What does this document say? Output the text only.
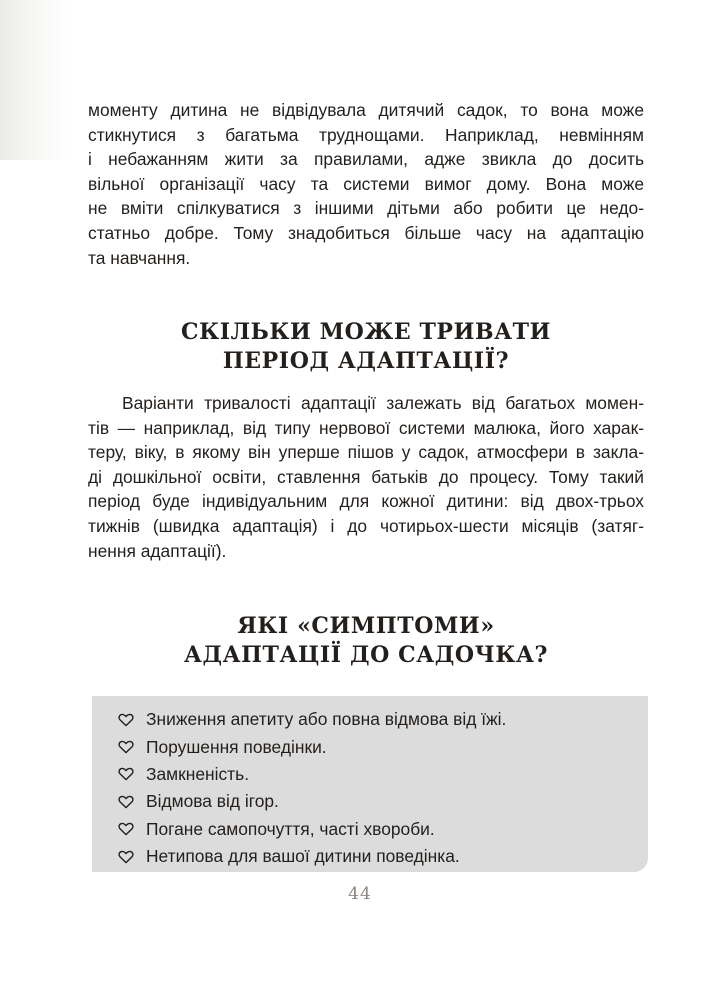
моменту дитина не відвідувала дитячий садок, то вона може
стикнутися з багатьма труднощами. Наприклад, невмінням
і небажанням жити за правилами, адже звикла до досить
вільної організації часу та системи вимог дому. Вона може
не вміти спілкуватися з іншими дітьми або робити це недо-
статньо добре. Тому знадобиться більше часу на адаптацію
та навчання.

СКІЛЬКИ МОЖЕ ТРИВАТИ
ПЕРІОД АДАПТАЦІЇ?

Варіанти тривалості адаптації залежать від багатьох момен-
тів — наприклад, від типу нервової системи малюка, його харак-
теру, віку, в якому він уперше пішов у садок, атмосфери в закла-
ді дошкільної освіти, ставлення батьків до процесу. Тому такий
період буде індивідуальним для кожної дитини: від двох-трьох
тижнів (швидка адаптація) і до чотирьох-шести місяців (затяг-
нення адаптації).

ЯКІ «СИМПТОМИ»
АДАПТАЦІЇ ДО САДОЧКА?
Зниження апетиту або повна відмова від їжі.
Порушення поведінки.
Замкненість.
Відмова від ігор.
Погане самопочуття, часті хвороби.
Нетипова для вашої дитини поведінка.
44
